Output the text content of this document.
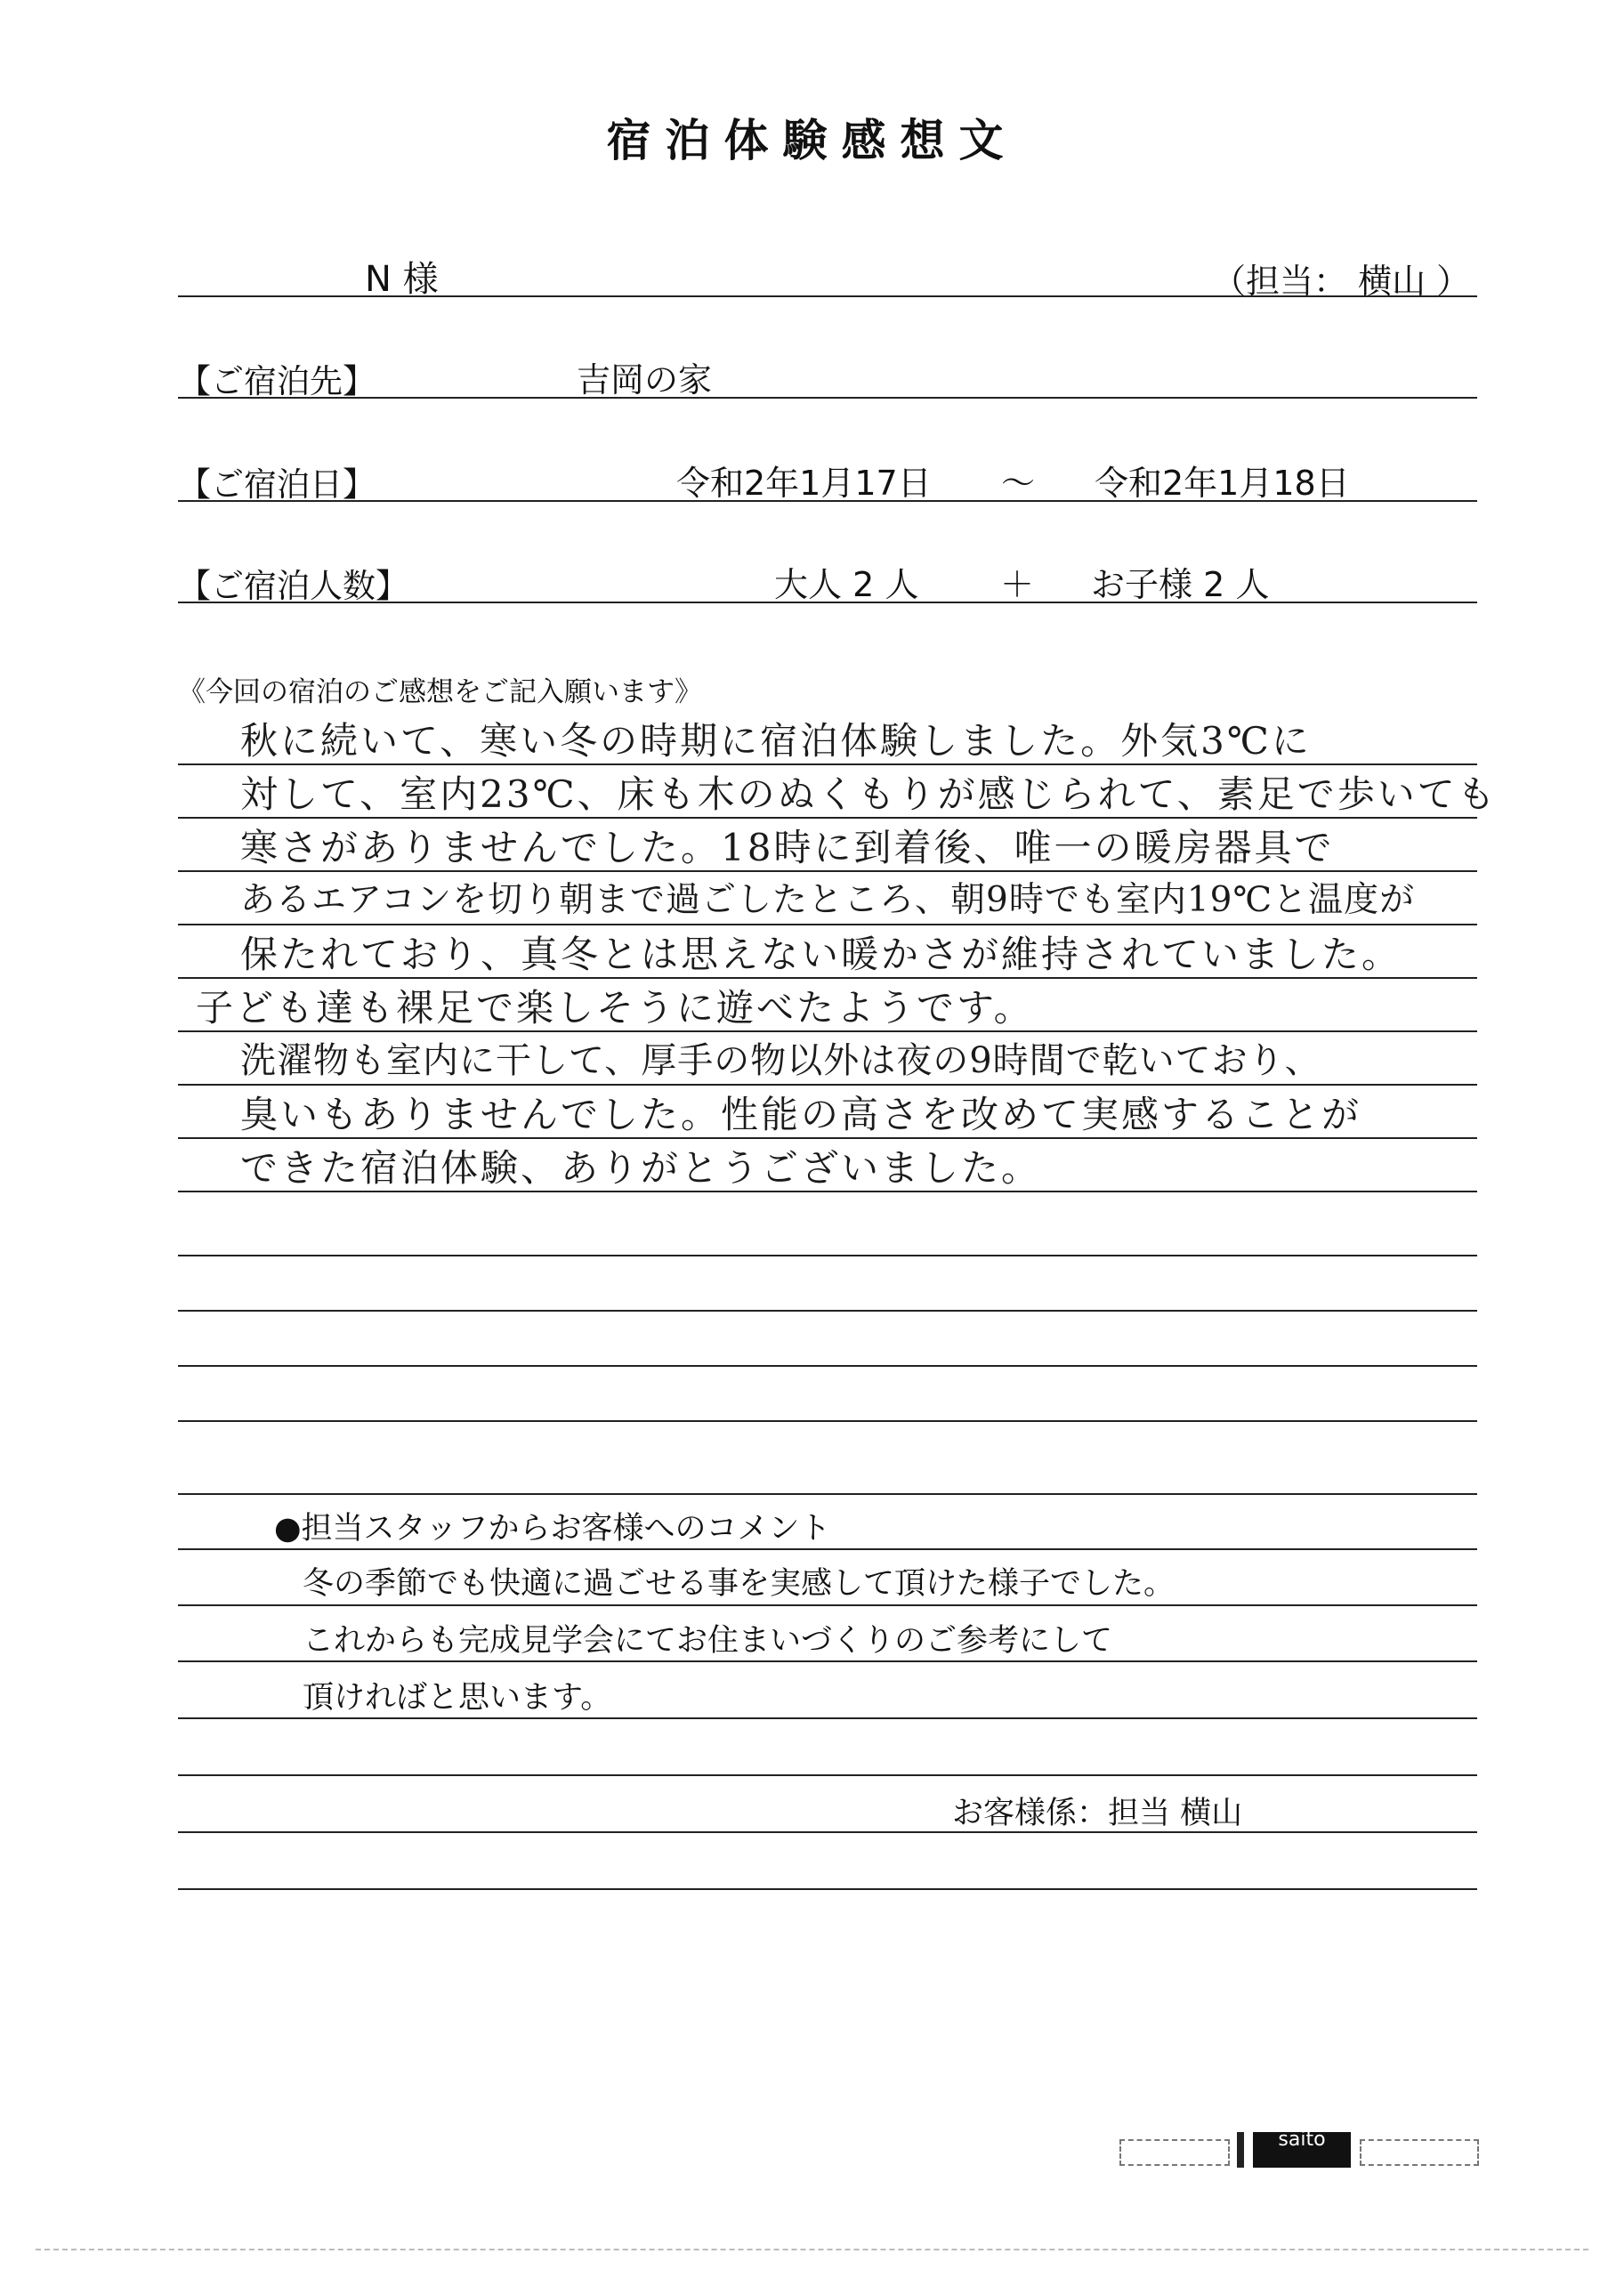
宿泊体験感想文
N 様	（担当： 横山 ）
【ご宿泊先】	吉岡の家
【ご宿泊日】	令和2年1月17日 ～ 令和2年1月18日
【ご宿泊人数】	大人 2 人 ＋ お子様 2 人
《今回の宿泊のご感想をご記入願います》
秋に続いて、寒い冬の時期に宿泊体験しました。外気3℃に
対して、室内23℃、床も木のぬくもりが感じられて、素足で歩いても
寒さがありませんでした。18時に到着後、唯一の暖房器具で
あるエアコンを切り朝まで過ごしたところ、朝9時でも室内19℃と温度が
保たれており、真冬とは思えない暖かさが維持されていました。
子ども達も裸足で楽しそうに遊べたようです。
洗濯物も室内に干して、厚手の物以外は夜の9時間で乾いており、
臭いもありませんでした。性能の高さを改めて実感することが
できた宿泊体験、ありがとうございました。
●担当スタッフからお客様へのコメント
冬の季節でも快適に過ごせる事を実感して頂けた様子でした。
これからも完成見学会にてお住まいづくりのご参考にして
頂ければと思います。
お客様係：担当 横山
saito
